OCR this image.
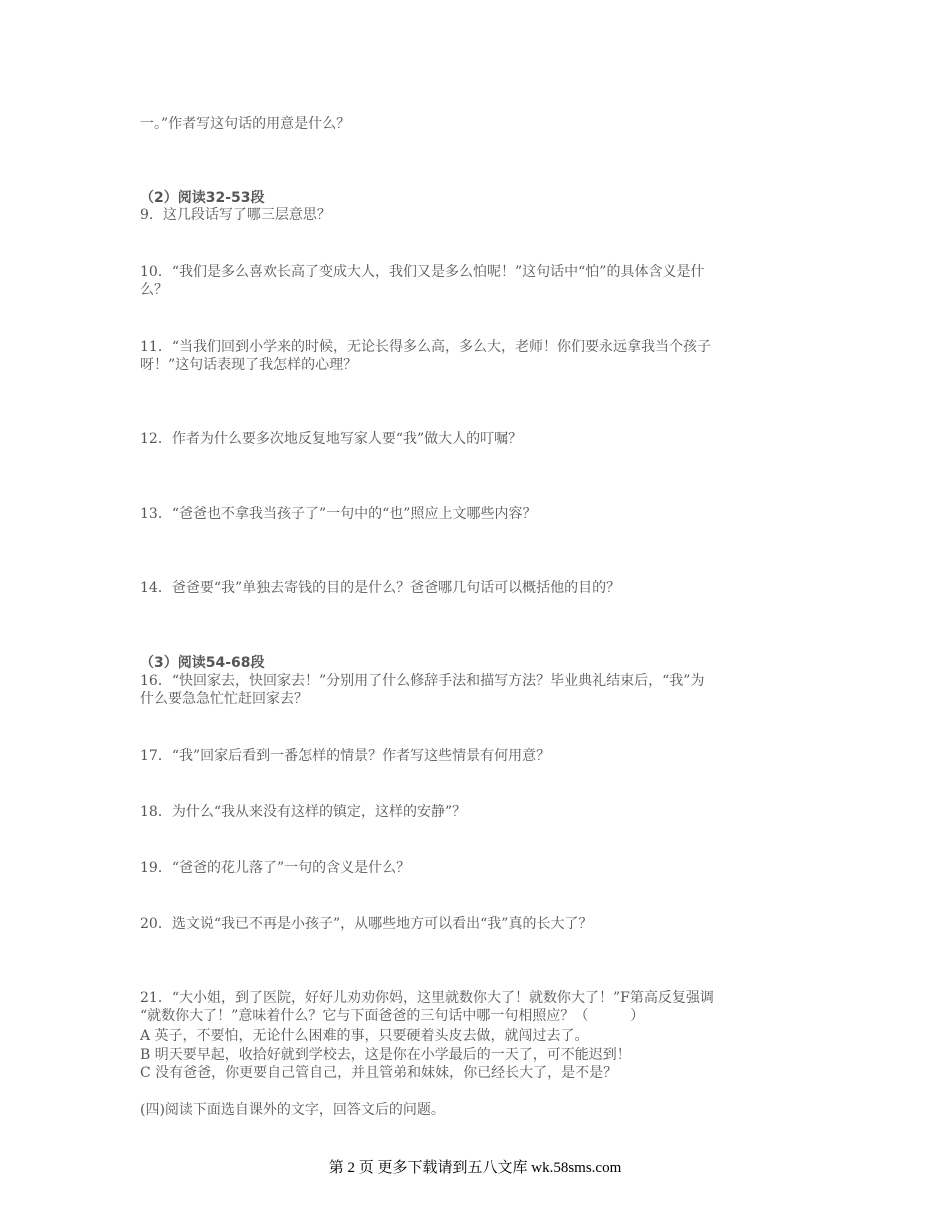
一。”作者写这句话的用意是什么？
（2）阅读32-53段
9．这几段话写了哪三层意思？
10．“我们是多么喜欢长高了变成大人，我们又是多么怕呢！”这句话中“怕”的具体含义是什
么？
11．“当我们回到小学来的时候，无论长得多么高，多么大，老师！你们要永远拿我当个孩子
呀！”这句话表现了我怎样的心理？
12．作者为什么要多次地反复地写家人要“我”做大人的叮嘱？
13．“爸爸也不拿我当孩子了”一句中的“也”照应上文哪些内容？
14．爸爸要“我”单独去寄钱的目的是什么？爸爸哪几句话可以概括他的目的？
（3）阅读54-68段
16．“快回家去，快回家去！”分别用了什么修辞手法和描写方法？毕业典礼结束后，“我”为
什么要急急忙忙赶回家去？
17．“我”回家后看到一番怎样的情景？作者写这些情景有何用意？
18．为什么“我从来没有这样的镇定，这样的安静”？
19．“爸爸的花儿落了”一句的含义是什么？
20．选文说“我已不再是小孩子”，从哪些地方可以看出“我”真的长大了？
21．“大小姐，到了医院，好好儿劝劝你妈，这里就数你大了！就数你大了！”F第高反复强调
“就数你大了！”意味着什么？它与下面爸爸的三句话中哪一句相照应？（　　　）
A 英子，不要怕，无论什么困难的事，只要硬着头皮去做，就闯过去了。
B 明天要早起，收拾好就到学校去，这是你在小学最后的一天了，可不能迟到！
C 没有爸爸，你更要自己管自己，并且管弟和妹妹，你已经长大了，是不是？
(四)阅读下面选自课外的文字，回答文后的问题。
第 2 页 更多下载请到五八文库 wk.58sms.com
